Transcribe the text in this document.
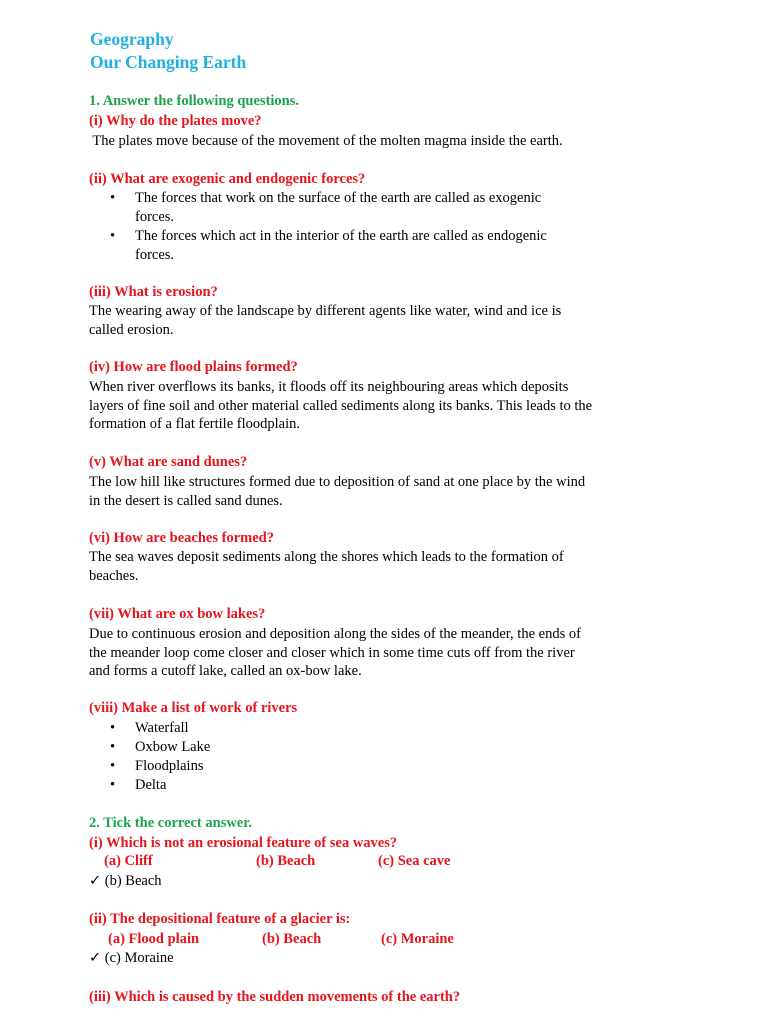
Geography
Our Changing Earth
1. Answer the following questions.
(i) Why do the plates move?
The plates move because of the movement of the molten magma inside the earth.
(ii) What are exogenic and endogenic forces?
• The forces that work on the surface of the earth are called as exogenic forces.
• The forces which act in the interior of the earth are called as endogenic forces.
(iii) What is erosion?
The wearing away of the landscape by different agents like water, wind and ice is called erosion.
(iv) How are flood plains formed?
When river overflows its banks, it floods off its neighbouring areas which deposits layers of fine soil and other material called sediments along its banks. This leads to the formation of a flat fertile floodplain.
(v) What are sand dunes?
The low hill like structures formed due to deposition of sand at one place by the wind in the desert is called sand dunes.
(vi) How are beaches formed?
The sea waves deposit sediments along the shores which leads to the formation of beaches.
(vii) What are ox bow lakes?
Due to continuous erosion and deposition along the sides of the meander, the ends of the meander loop come closer and closer which in some time cuts off from the river and forms a cutoff lake, called an ox-bow lake.
(viii) Make a list of work of rivers
• Waterfall
• Oxbow Lake
• Floodplains
• Delta
2. Tick the correct answer.
(i) Which is not an erosional feature of sea waves?
(a) Cliff	(b) Beach	(c) Sea cave
✓ (b) Beach
(ii) The depositional feature of a glacier is:
(a) Flood plain	(b) Beach	(c) Moraine
✓ (c) Moraine
(iii) Which is caused by the sudden movements of the earth?
